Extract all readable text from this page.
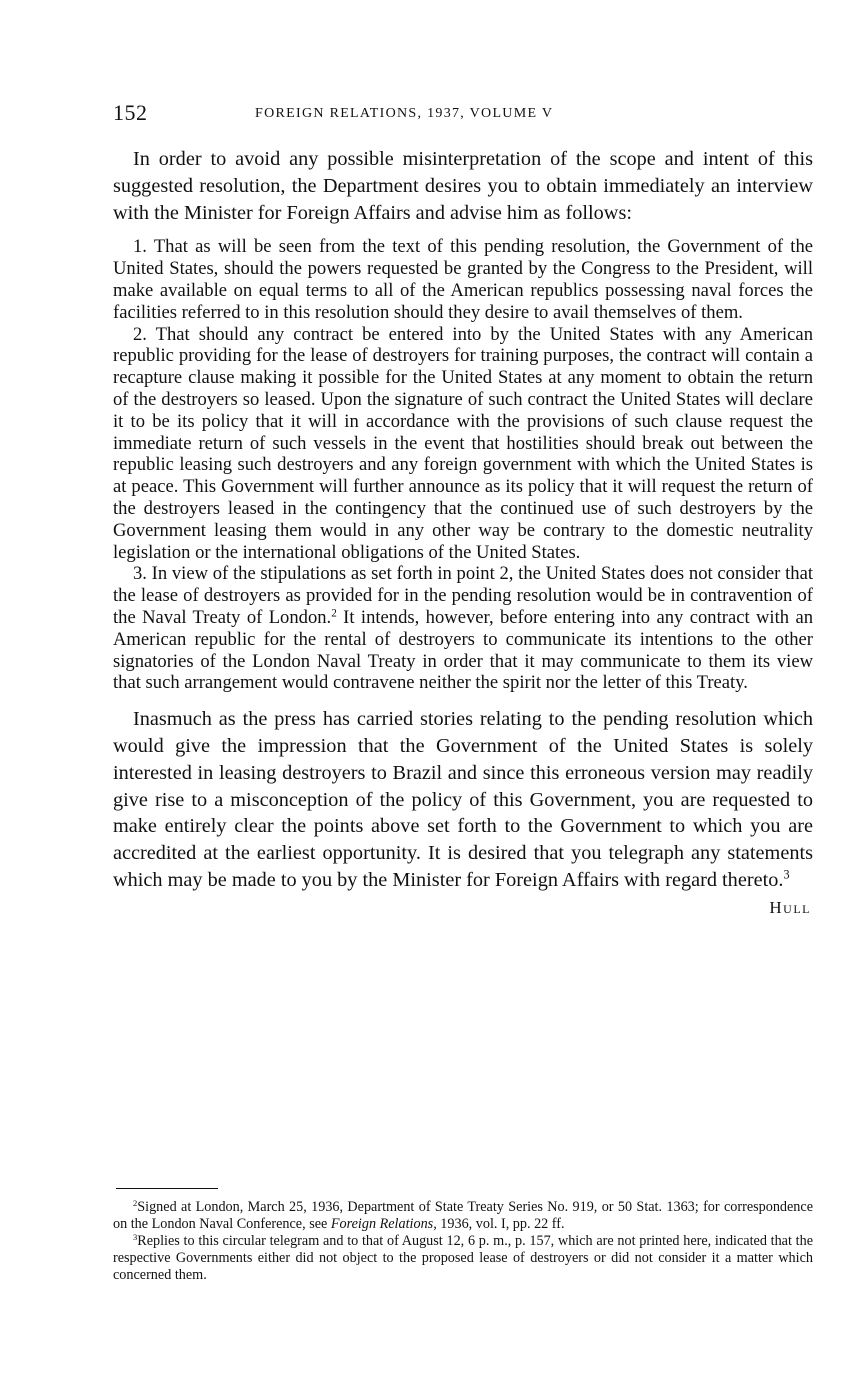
152	FOREIGN RELATIONS, 1937, VOLUME V

In order to avoid any possible misinterpretation of the scope and intent of this suggested resolution, the Department desires you to obtain immediately an interview with the Minister for Foreign Affairs and advise him as follows:

1. That as will be seen from the text of this pending resolution, the Government of the United States, should the powers requested be granted by the Congress to the President, will make available on equal terms to all of the American republics possessing naval forces the facilities referred to in this resolution should they desire to avail themselves of them.

2. That should any contract be entered into by the United States with any American republic providing for the lease of destroyers for training purposes, the contract will contain a recapture clause making it possible for the United States at any moment to obtain the return of the destroyers so leased. Upon the signature of such contract the United States will declare it to be its policy that it will in accordance with the provisions of such clause request the immediate return of such vessels in the event that hostilities should break out between the republic leasing such destroyers and any foreign government with which the United States is at peace. This Government will further announce as its policy that it will request the return of the destroyers leased in the contingency that the continued use of such destroyers by the Government leasing them would in any other way be contrary to the domestic neutrality legislation or the international obligations of the United States.

3. In view of the stipulations as set forth in point 2, the United States does not consider that the lease of destroyers as provided for in the pending resolution would be in contravention of the Naval Treaty of London.$^2$ It intends, however, before entering into any contract with an American republic for the rental of destroyers to communicate its intentions to the other signatories of the London Naval Treaty in order that it may communicate to them its view that such arrangement would contravene neither the spirit nor the letter of this Treaty.

Inasmuch as the press has carried stories relating to the pending resolution which would give the impression that the Government of the United States is solely interested in leasing destroyers to Brazil and since this erroneous version may readily give rise to a misconception of the policy of this Government, you are requested to make entirely clear the points above set forth to the Government to which you are accredited at the earliest opportunity. It is desired that you telegraph any statements which may be made to you by the Minister for Foreign Affairs with regard thereto.$^3$

Hull

$^2$Signed at London, March 25, 1936, Department of State Treaty Series No. 919, or 50 Stat. 1363; for correspondence on the London Naval Conference, see Foreign Relations, 1936, vol. I, pp. 22 ff.

$^3$Replies to this circular telegram and to that of August 12, 6 p. m., p. 157, which are not printed here, indicated that the respective Governments either did not object to the proposed lease of destroyers or did not consider it a matter which concerned them.
